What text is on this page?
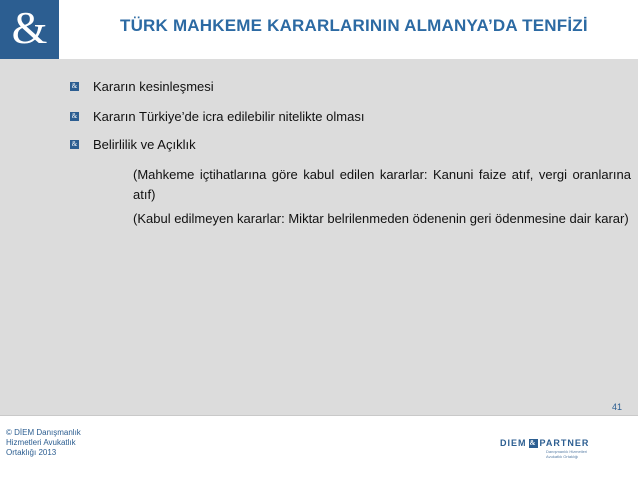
&	TÜRK MAHKEME KARARLARININ ALMANYA’DA TENFİZİ
& Kararın kesinleşmesi
& Kararın Türkiye’de icra edilebilir nitelikte olması
& Belirlilik ve Açıklık
(Mahkeme içtihatlarına göre kabul edilen kararlar: Kanuni faize atıf, vergi oranlarına atıf)
(Kabul edilmeyen kararlar: Miktar belrilenmeden ödenenin geri ödenmesine dair karar)
41
© DİEM Danışmanlık
Hizmetleri Avukatlık
Ortaklığı 2013
DIEM & PARTNER
Danışmanlık Hizmetleri
Avukatlık Ortaklığı
